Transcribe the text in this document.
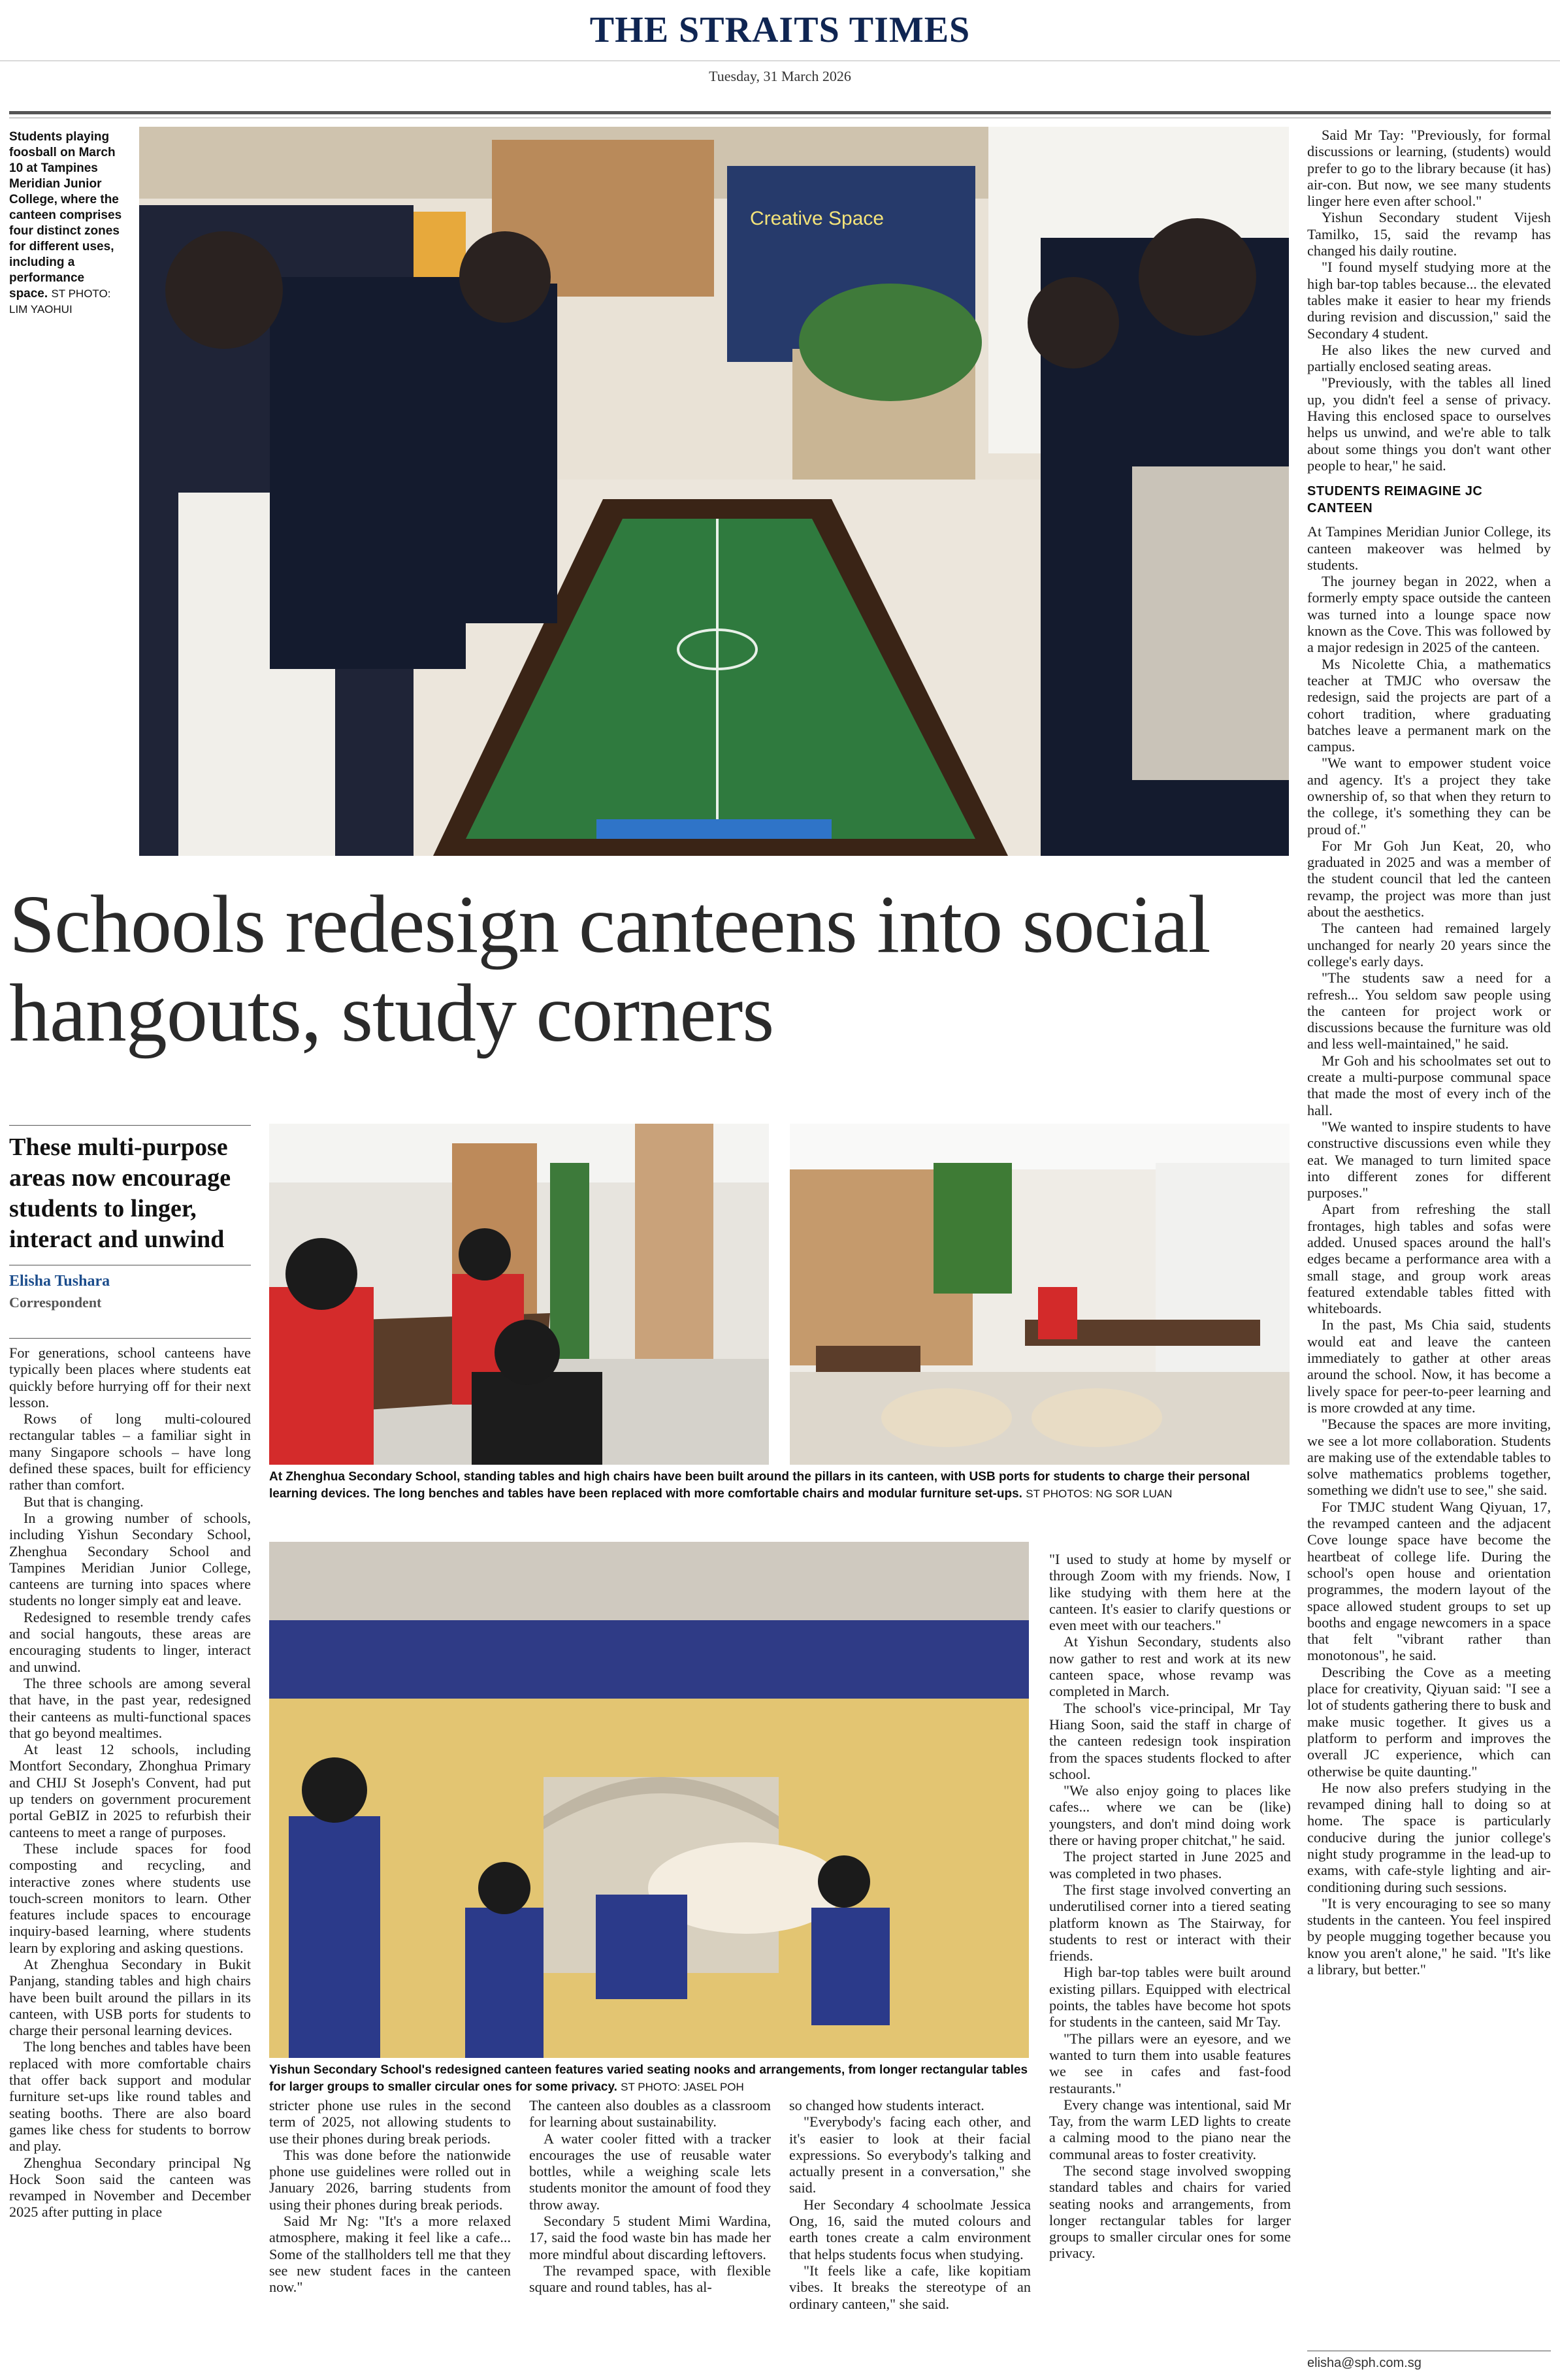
THE STRAITS TIMES
Tuesday, 31 March 2026
Students playing foosball on March 10 at Tampines Meridian Junior College, where the canteen comprises four distinct zones for different uses, including a performance space. ST PHOTO: LIM YAOHUI
Creative Space
Schools redesign canteens into social hangouts, study corners
These multi-purpose areas now encourage students to linger, interact and unwind
Elisha Tushara
Correspondent
At Zhenghua Secondary School, standing tables and high chairs have been built around the pillars in its canteen, with USB ports for students to charge their personal learning devices. The long benches and tables have been replaced with more comfortable chairs and modular furniture set-ups. ST PHOTOS: NG SOR LUAN
Yishun Secondary School's redesigned canteen features varied seating nooks and arrangements, from longer rectangular tables for larger groups to smaller circular ones for some privacy. ST PHOTO: JASEL POH

For generations, school canteens have typically been places where students eat quickly before hurrying off for their next lesson.

Rows of long multi-coloured rectangular tables – a familiar sight in many Singapore schools – have long defined these spaces, built for efficiency rather than comfort.

But that is changing.

In a growing number of schools, including Yishun Secondary School, Zhenghua Secondary School and Tampines Meridian Junior College, canteens are turning into spaces where students no longer simply eat and leave.

Redesigned to resemble trendy cafes and social hangouts, these areas are encouraging students to linger, interact and unwind.

The three schools are among several that have, in the past year, redesigned their canteens as multi-functional spaces that go beyond mealtimes.

At least 12 schools, including Montfort Secondary, Zhonghua Primary and CHIJ St Joseph's Convent, had put up tenders on government procurement portal GeBIZ in 2025 to refurbish their canteens to meet a range of purposes.

These include spaces for food composting and recycling, and interactive zones where students use touch-screen monitors to learn. Other features include spaces to encourage inquiry-based learning, where students learn by exploring and asking questions.

At Zhenghua Secondary in Bukit Panjang, standing tables and high chairs have been built around the pillars in its canteen, with USB ports for students to charge their personal learning devices.

The long benches and tables have been replaced with more comfortable chairs that offer back support and modular furniture set-ups like round tables and seating booths. There are also board games like chess for students to borrow and play.

Zhenghua Secondary principal Ng Hock Soon said the canteen was revamped in November and December 2025 after putting in place

stricter phone use rules in the second term of 2025, not allowing students to use their phones during break periods.

This was done before the nationwide phone use guidelines were rolled out in January 2026, barring students from using their phones during break periods.

Said Mr Ng: "It's a more relaxed atmosphere, making it feel like a cafe... Some of the stallholders tell me that they see new student faces in the canteen now."

The canteen also doubles as a classroom for learning about sustainability.

A water cooler fitted with a tracker encourages the use of reusable water bottles, while a weighing scale lets students monitor the amount of food they throw away.

Secondary 5 student Mimi Wardina, 17, said the food waste bin has made her more mindful about discarding leftovers.

The revamped space, with flexible square and round tables, has al-

so changed how students interact.

"Everybody's facing each other, and it's easier to look at their facial expressions. So everybody's talking and actually present in a conversation," she said.

Her Secondary 4 schoolmate Jessica Ong, 16, said the muted colours and earth tones create a calm environment that helps students focus when studying.

"It feels like a cafe, like kopitiam vibes. It breaks the stereotype of an ordinary canteen," she said.

"I used to study at home by myself or through Zoom with my friends. Now, I like studying with them here at the canteen. It's easier to clarify questions or even meet with our teachers."

At Yishun Secondary, students also now gather to rest and work at its new canteen space, whose revamp was completed in March.

The school's vice-principal, Mr Tay Hiang Soon, said the staff in charge of the canteen redesign took inspiration from the spaces students flocked to after school.

"We also enjoy going to places like cafes... where we can be (like) youngsters, and don't mind doing work there or having proper chitchat," he said.

The project started in June 2025 and was completed in two phases.

The first stage involved converting an underutilised corner into a tiered seating platform known as The Stairway, for students to rest or interact with their friends.

High bar-top tables were built around existing pillars. Equipped with electrical points, the tables have become hot spots for students in the canteen, said Mr Tay.

"The pillars were an eyesore, and we wanted to turn them into usable features we see in cafes and fast-food restaurants."

Every change was intentional, said Mr Tay, from the warm LED lights to create a calming mood to the piano near the communal areas to foster creativity.

The second stage involved swopping standard tables and chairs for varied seating nooks and arrangements, from longer rectangular tables for larger groups to smaller circular ones for some privacy.

Said Mr Tay: "Previously, for formal discussions or learning, (students) would prefer to go to the library because (it has) air-con. But now, we see many students linger here even after school."

Yishun Secondary student Vijesh Tamilko, 15, said the revamp has changed his daily routine.

"I found myself studying more at the high bar-top tables because... the elevated tables make it easier to hear my friends during revision and discussion," said the Secondary 4 student.

He also likes the new curved and partially enclosed seating areas.

"Previously, with the tables all lined up, you didn't feel a sense of privacy. Having this enclosed space to ourselves helps us unwind, and we're able to talk about some things you don't want other people to hear," he said.

STUDENTS REIMAGINE JC CANTEEN

At Tampines Meridian Junior College, its canteen makeover was helmed by students.

The journey began in 2022, when a formerly empty space outside the canteen was turned into a lounge space now known as the Cove. This was followed by a major redesign in 2025 of the canteen.

Ms Nicolette Chia, a mathematics teacher at TMJC who oversaw the redesign, said the projects are part of a cohort tradition, where graduating batches leave a permanent mark on the campus.

"We want to empower student voice and agency. It's a project they take ownership of, so that when they return to the college, it's something they can be proud of."

For Mr Goh Jun Keat, 20, who graduated in 2025 and was a member of the student council that led the canteen revamp, the project was more than just about the aesthetics.

The canteen had remained largely unchanged for nearly 20 years since the college's early days.

"The students saw a need for a refresh... You seldom saw people using the canteen for project work or discussions because the furniture was old and less well-maintained," he said.

Mr Goh and his schoolmates set out to create a multi-purpose communal space that made the most of every inch of the hall.

"We wanted to inspire students to have constructive discussions even while they eat. We managed to turn limited space into different zones for different purposes."

Apart from refreshing the stall frontages, high tables and sofas were added. Unused spaces around the hall's edges became a performance area with a small stage, and group work areas featured extendable tables fitted with whiteboards.

In the past, Ms Chia said, students would eat and leave the canteen immediately to gather at other areas around the school. Now, it has become a lively space for peer-to-peer learning and is more crowded at any time.

"Because the spaces are more inviting, we see a lot more collaboration. Students are making use of the extendable tables to solve mathematics problems together, something we didn't use to see," she said.

For TMJC student Wang Qiyuan, 17, the revamped canteen and the adjacent Cove lounge space have become the heartbeat of college life. During the school's open house and orientation programmes, the modern layout of the space allowed student groups to set up booths and engage newcomers in a space that felt "vibrant rather than monotonous", he said.

Describing the Cove as a meeting place for creativity, Qiyuan said: "I see a lot of students gathering there to busk and make music together. It gives us a platform to perform and improves the overall JC experience, which can otherwise be quite daunting."

He now also prefers studying in the revamped dining hall to doing so at home. The space is particularly conducive during the junior college's night study programme in the lead-up to exams, with cafe-style lighting and air-conditioning during such sessions.

"It is very encouraging to see so many students in the canteen. You feel inspired by people mugging together because you know you aren't alone," he said. "It's like a library, but better."

elisha@sph.com.sg
